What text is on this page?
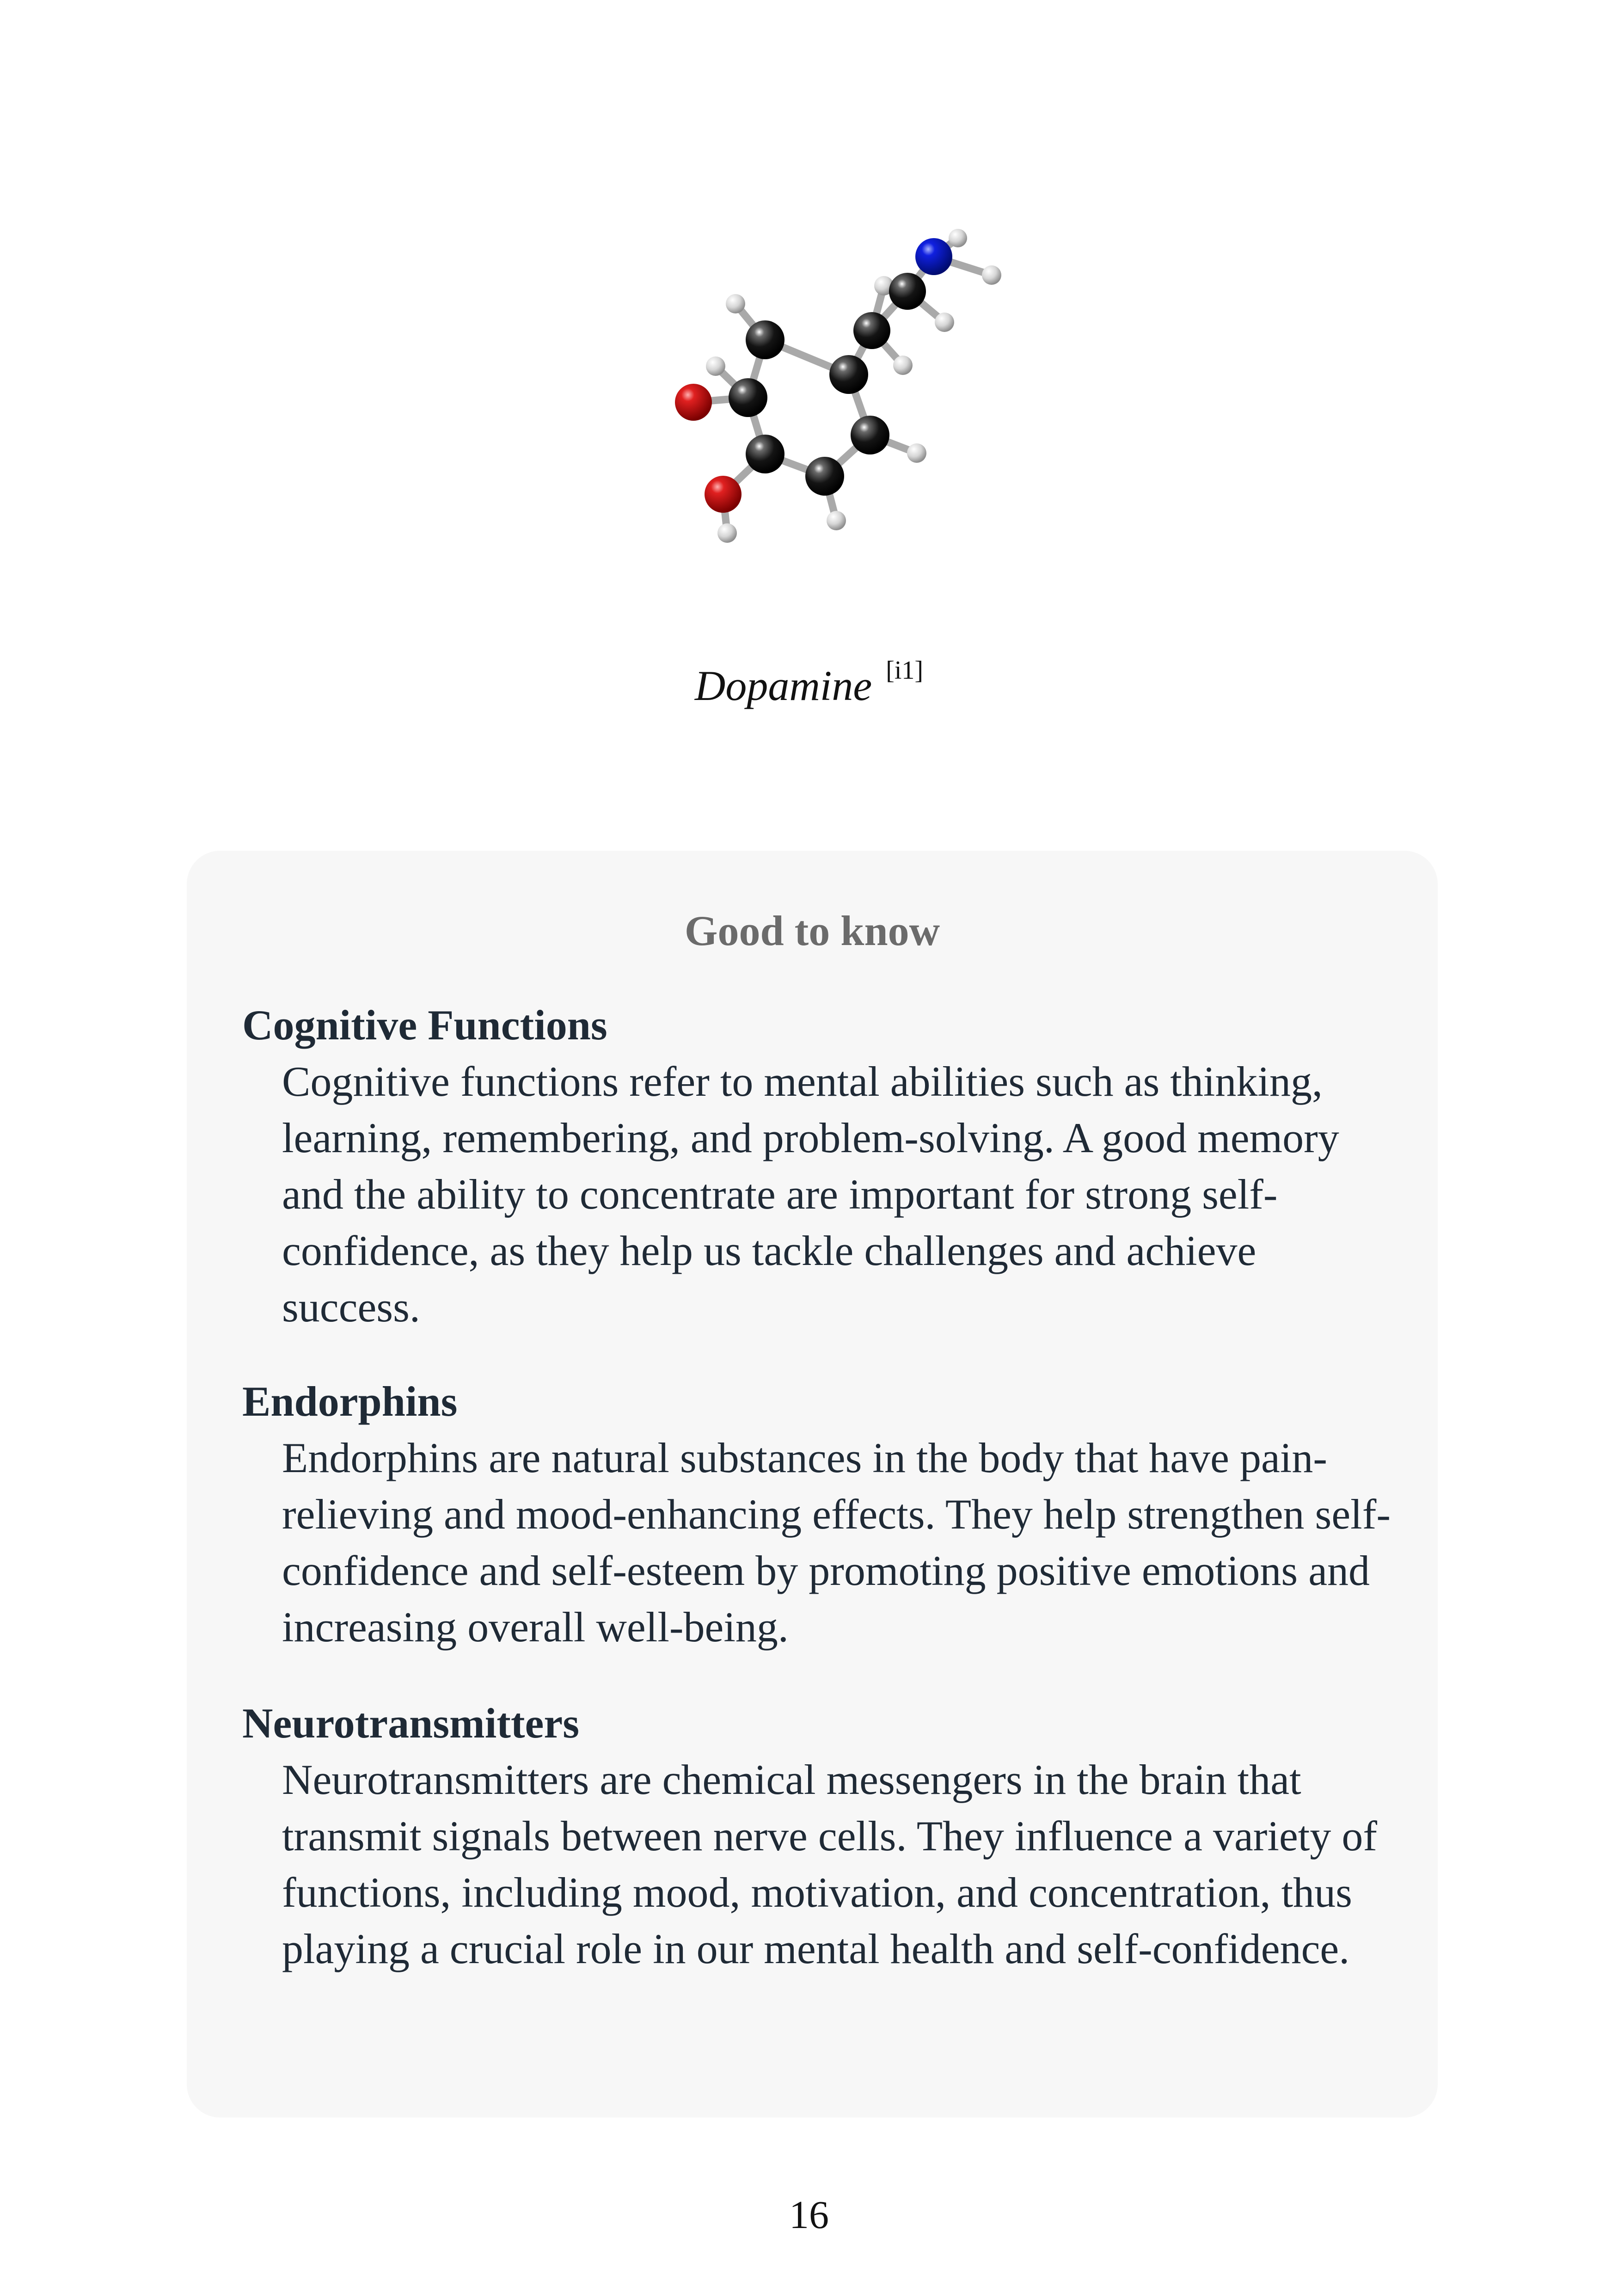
Dopamine [i1]
Good to know

Cognitive Functions

Cognitive functions refer to mental abilities such as thinking, learning, remembering, and problem-solving. A good memory and the ability to concentrate are important for strong self-confidence, as they help us tackle challenges and achieve success.

Endorphins

Endorphins are natural substances in the body that have pain-relieving and mood-enhancing effects. They help strengthen self-confidence and self-esteem by promoting positive emotions and increasing overall well-being.

Neurotransmitters

Neurotransmitters are chemical messengers in the brain that transmit signals between nerve cells. They influence a variety of functions, including mood, motivation, and concentration, thus playing a crucial role in our mental health and self-confidence.

16
